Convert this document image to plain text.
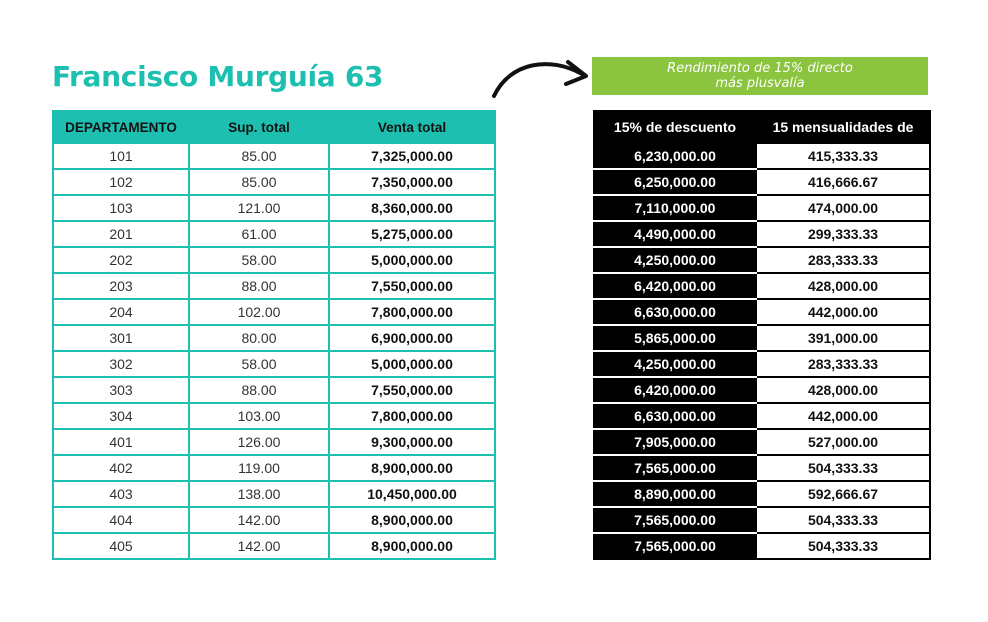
Francisco Murguía 63	Rendimiento de 15% directo
más plusvalía
DEPARTAMENTO	Sup. total	Venta total
101	85.00	7,325,000.00
102	85.00	7,350,000.00
103	121.00	8,360,000.00
201	61.00	5,275,000.00
202	58.00	5,000,000.00
203	88.00	7,550,000.00
204	102.00	7,800,000.00
301	80.00	6,900,000.00
302	58.00	5,000,000.00
303	88.00	7,550,000.00
304	103.00	7,800,000.00
401	126.00	9,300,000.00
402	119.00	8,900,000.00
403	138.00	10,450,000.00
404	142.00	8,900,000.00
405	142.00	8,900,000.00
15% de descuento	15 mensualidades de
6,230,000.00	415,333.33
6,250,000.00	416,666.67
7,110,000.00	474,000.00
4,490,000.00	299,333.33
4,250,000.00	283,333.33
6,420,000.00	428,000.00
6,630,000.00	442,000.00
5,865,000.00	391,000.00
4,250,000.00	283,333.33
6,420,000.00	428,000.00
6,630,000.00	442,000.00
7,905,000.00	527,000.00
7,565,000.00	504,333.33
8,890,000.00	592,666.67
7,565,000.00	504,333.33
7,565,000.00	504,333.33
